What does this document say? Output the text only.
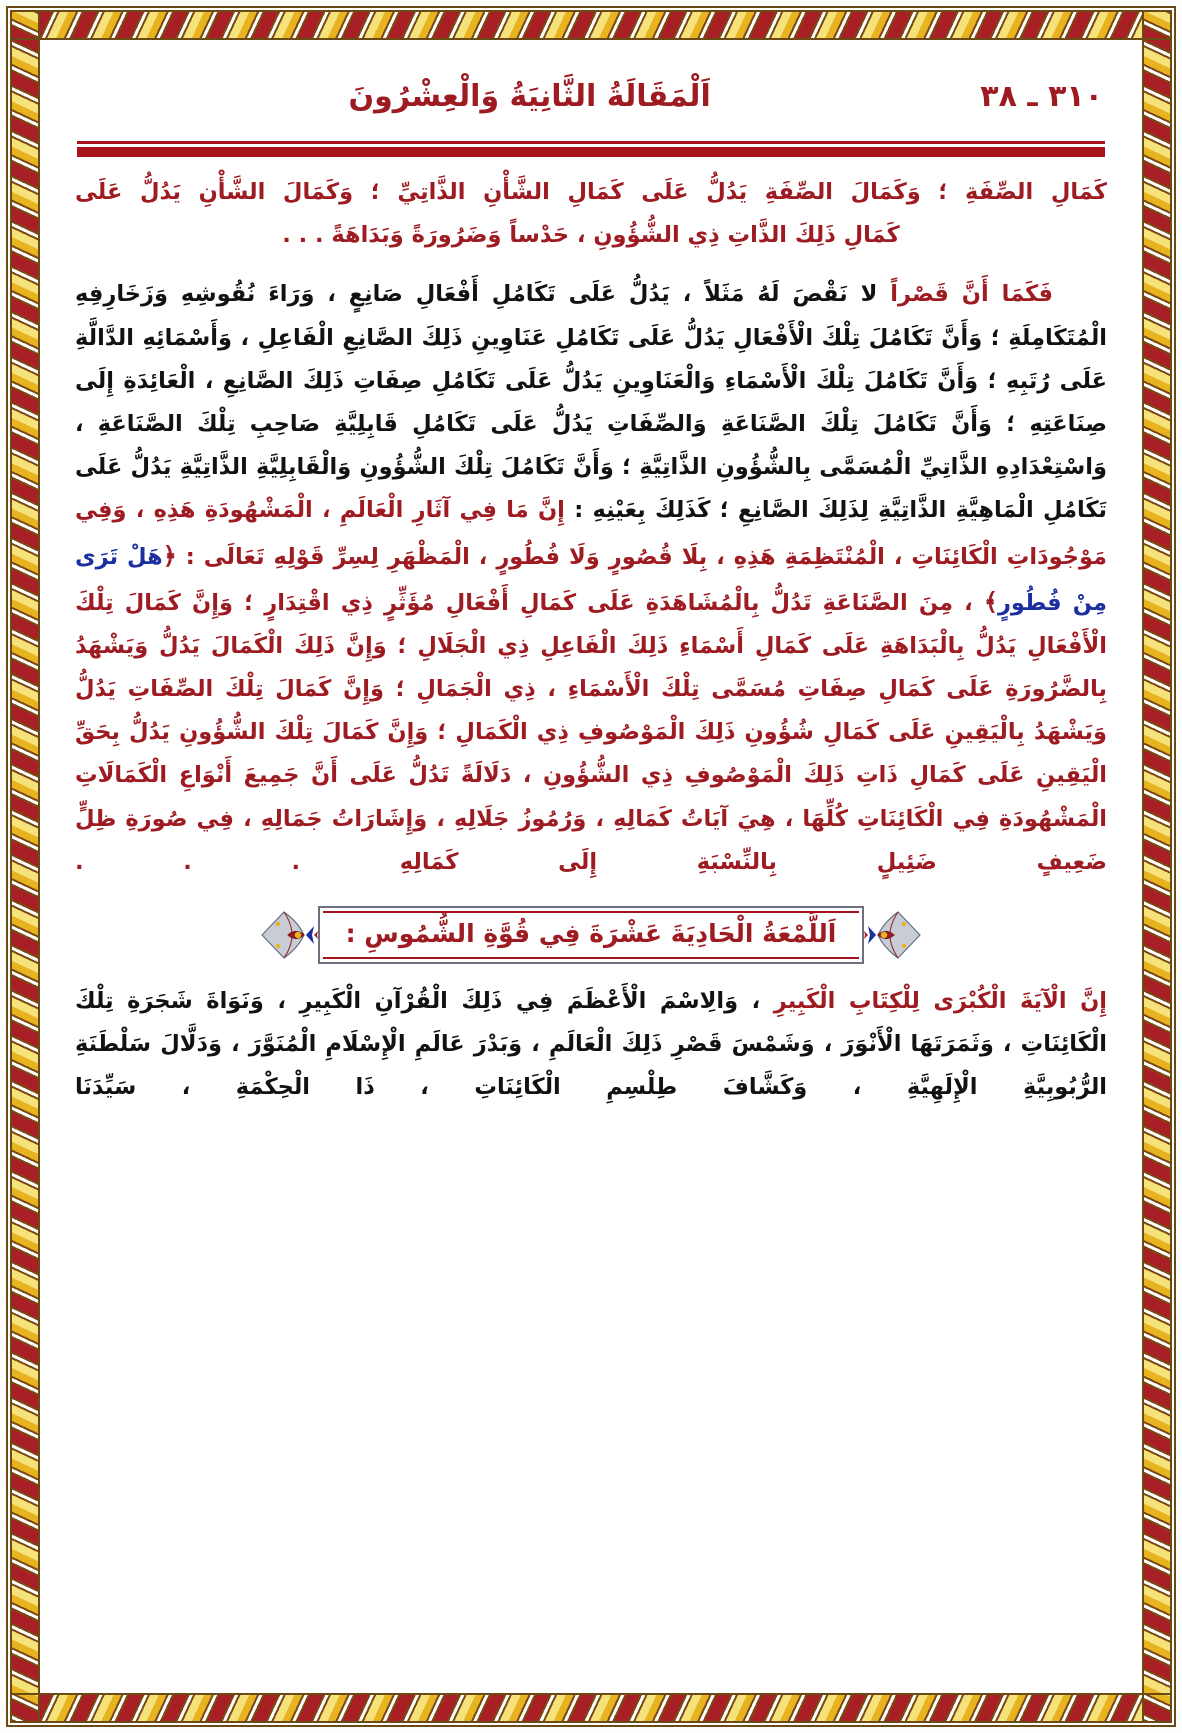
٣١٠ ـ ٣٨
اَلْمَقَالَةُ الثَّانِيَةُ وَالْعِشْرُونَ

كَمَالِ الصِّفَةِ ؛ وَكَمَالَ الصِّفَةِ يَدُلُّ عَلَى كَمَالِ الشَّأْنِ الذَّاتِيِّ ؛ وَكَمَالَ الشَّأْنِ يَدُلُّ عَلَى

كَمَالِ ذَلِكَ الذَّاتِ ذِي الشُّؤُونِ ، حَدْساً وَضَرُورَةً وَبَدَاهَةً . . .

فَكَمَا أَنَّ قَصْراً لا نَقْصَ لَهُ مَثَلاً ، يَدُلُّ عَلَى تَكَامُلِ أَفْعَالِ صَانِعٍ ، وَرَاءَ نُقُوشِهِ وَزَخَارِفِهِ الْمُتَكَامِلَةِ ؛ وَأَنَّ تَكَامُلَ تِلْكَ الْأَفْعَالِ يَدُلُّ عَلَى تَكَامُلِ عَنَاوِينِ ذَلِكَ الصَّانِعِ الْفَاعِلِ ، وَأَسْمَائِهِ الدَّالَّةِ عَلَى رُتَبِهِ ؛ وَأَنَّ تَكَامُلَ تِلْكَ الْأَسْمَاءِ وَالْعَنَاوِينِ يَدُلُّ عَلَى تَكَامُلِ صِفَاتِ ذَلِكَ الصَّانِعِ ، الْعَائِدَةِ إِلَى صِنَاعَتِهِ ؛ وَأَنَّ تَكَامُلَ تِلْكَ الصَّنَاعَةِ وَالصِّفَاتِ يَدُلُّ عَلَى تَكَامُلِ قَابِلِيَّةِ صَاحِبِ تِلْكَ الصَّنَاعَةِ ، وَاسْتِعْدَادِهِ الذَّاتِيِّ الْمُسَمَّى بِالشُّؤُونِ الذَّاتِيَّةِ ؛ وَأَنَّ تَكَامُلَ تِلْكَ الشُّؤُونِ وَالْقَابِلِيَّةِ الذَّاتِيَّةِ يَدُلُّ عَلَى تَكَامُلِ الْمَاهِيَّةِ الذَّاتِيَّةِ لِذَلِكَ الصَّانِعِ ؛ كَذَلِكَ بِعَيْنِهِ : إِنَّ مَا فِي آثَارِ الْعَالَمِ ، الْمَشْهُودَةِ هَذِهِ ، وَفِي مَوْجُودَاتِ الْكَائِنَاتِ ، الْمُنْتَظِمَةِ هَذِهِ ، بِلَا قُصُورٍ وَلَا فُطُورٍ ، الْمَظْهَرِ لِسِرِّ قَوْلِهِ تَعَالَى : ﴿هَلْ تَرَى مِنْ فُطُورٍ﴾ ، مِنَ الصَّنَاعَةِ تَدُلُّ بِالْمُشَاهَدَةِ عَلَى كَمَالِ أَفْعَالِ مُؤَثِّرٍ ذِي اقْتِدَارٍ ؛ وَإِنَّ كَمَالَ تِلْكَ الْأَفْعَالِ يَدُلُّ بِالْبَدَاهَةِ عَلَى كَمَالِ أَسْمَاءِ ذَلِكَ الْفَاعِلِ ذِي الْجَلَالِ ؛ وَإِنَّ ذَلِكَ الْكَمَالَ يَدُلُّ وَيَشْهَدُ بِالضَّرُورَةِ عَلَى كَمَالِ صِفَاتِ مُسَمَّى تِلْكَ الْأَسْمَاءِ ، ذِي الْجَمَالِ ؛ وَإِنَّ كَمَالَ تِلْكَ الصِّفَاتِ يَدُلُّ وَيَشْهَدُ بِالْيَقِينِ عَلَى كَمَالِ شُؤُونِ ذَلِكَ الْمَوْصُوفِ ذِي الْكَمَالِ ؛ وَإِنَّ كَمَالَ تِلْكَ الشُّؤُونِ يَدُلُّ بِحَقِّ الْيَقِينِ عَلَى كَمَالِ ذَاتِ ذَلِكَ الْمَوْصُوفِ ذِي الشُّؤُونِ ، دَلَالَةً تَدُلُّ عَلَى أَنَّ جَمِيعَ أَنْوَاعِ الْكَمَالَاتِ الْمَشْهُودَةِ فِي الْكَائِنَاتِ كُلِّهَا ، هِيَ آيَاتُ كَمَالِهِ ، وَرُمُوزُ جَلَالِهِ ، وَإِشَارَاتُ جَمَالِهِ ، فِي صُورَةِ ظِلٍّ ضَعِيفٍ ضَئِيلٍ بِالنِّسْبَةِ إِلَى كَمَالِهِ . . .

اَللَّمْعَةُ الْحَادِيَةَ عَشْرَةَ فِي قُوَّةِ الشُّمُوسِ :

إِنَّ الْآيَةَ الْكُبْرَى لِلْكِتَابِ الْكَبِيرِ ، وَالِاسْمَ الْأَعْظَمَ فِي ذَلِكَ الْقُرْآنِ الْكَبِيرِ ، وَنَوَاةَ شَجَرَةِ تِلْكَ الْكَائِنَاتِ ، وَثَمَرَتَهَا الْأَنْوَرَ ، وَشَمْسَ قَصْرِ ذَلِكَ الْعَالَمِ ، وَبَدْرَ عَالَمِ الْإِسْلَامِ الْمُنَوَّرَ ، وَدَلَّالَ سَلْطَنَةِ الرُّبُوبِيَّةِ الْإِلَهِيَّةِ ، وَكَشَّافَ طِلْسِمِ الْكَائِنَاتِ ، ذَا الْحِكْمَةِ ، سَيِّدَنَا
